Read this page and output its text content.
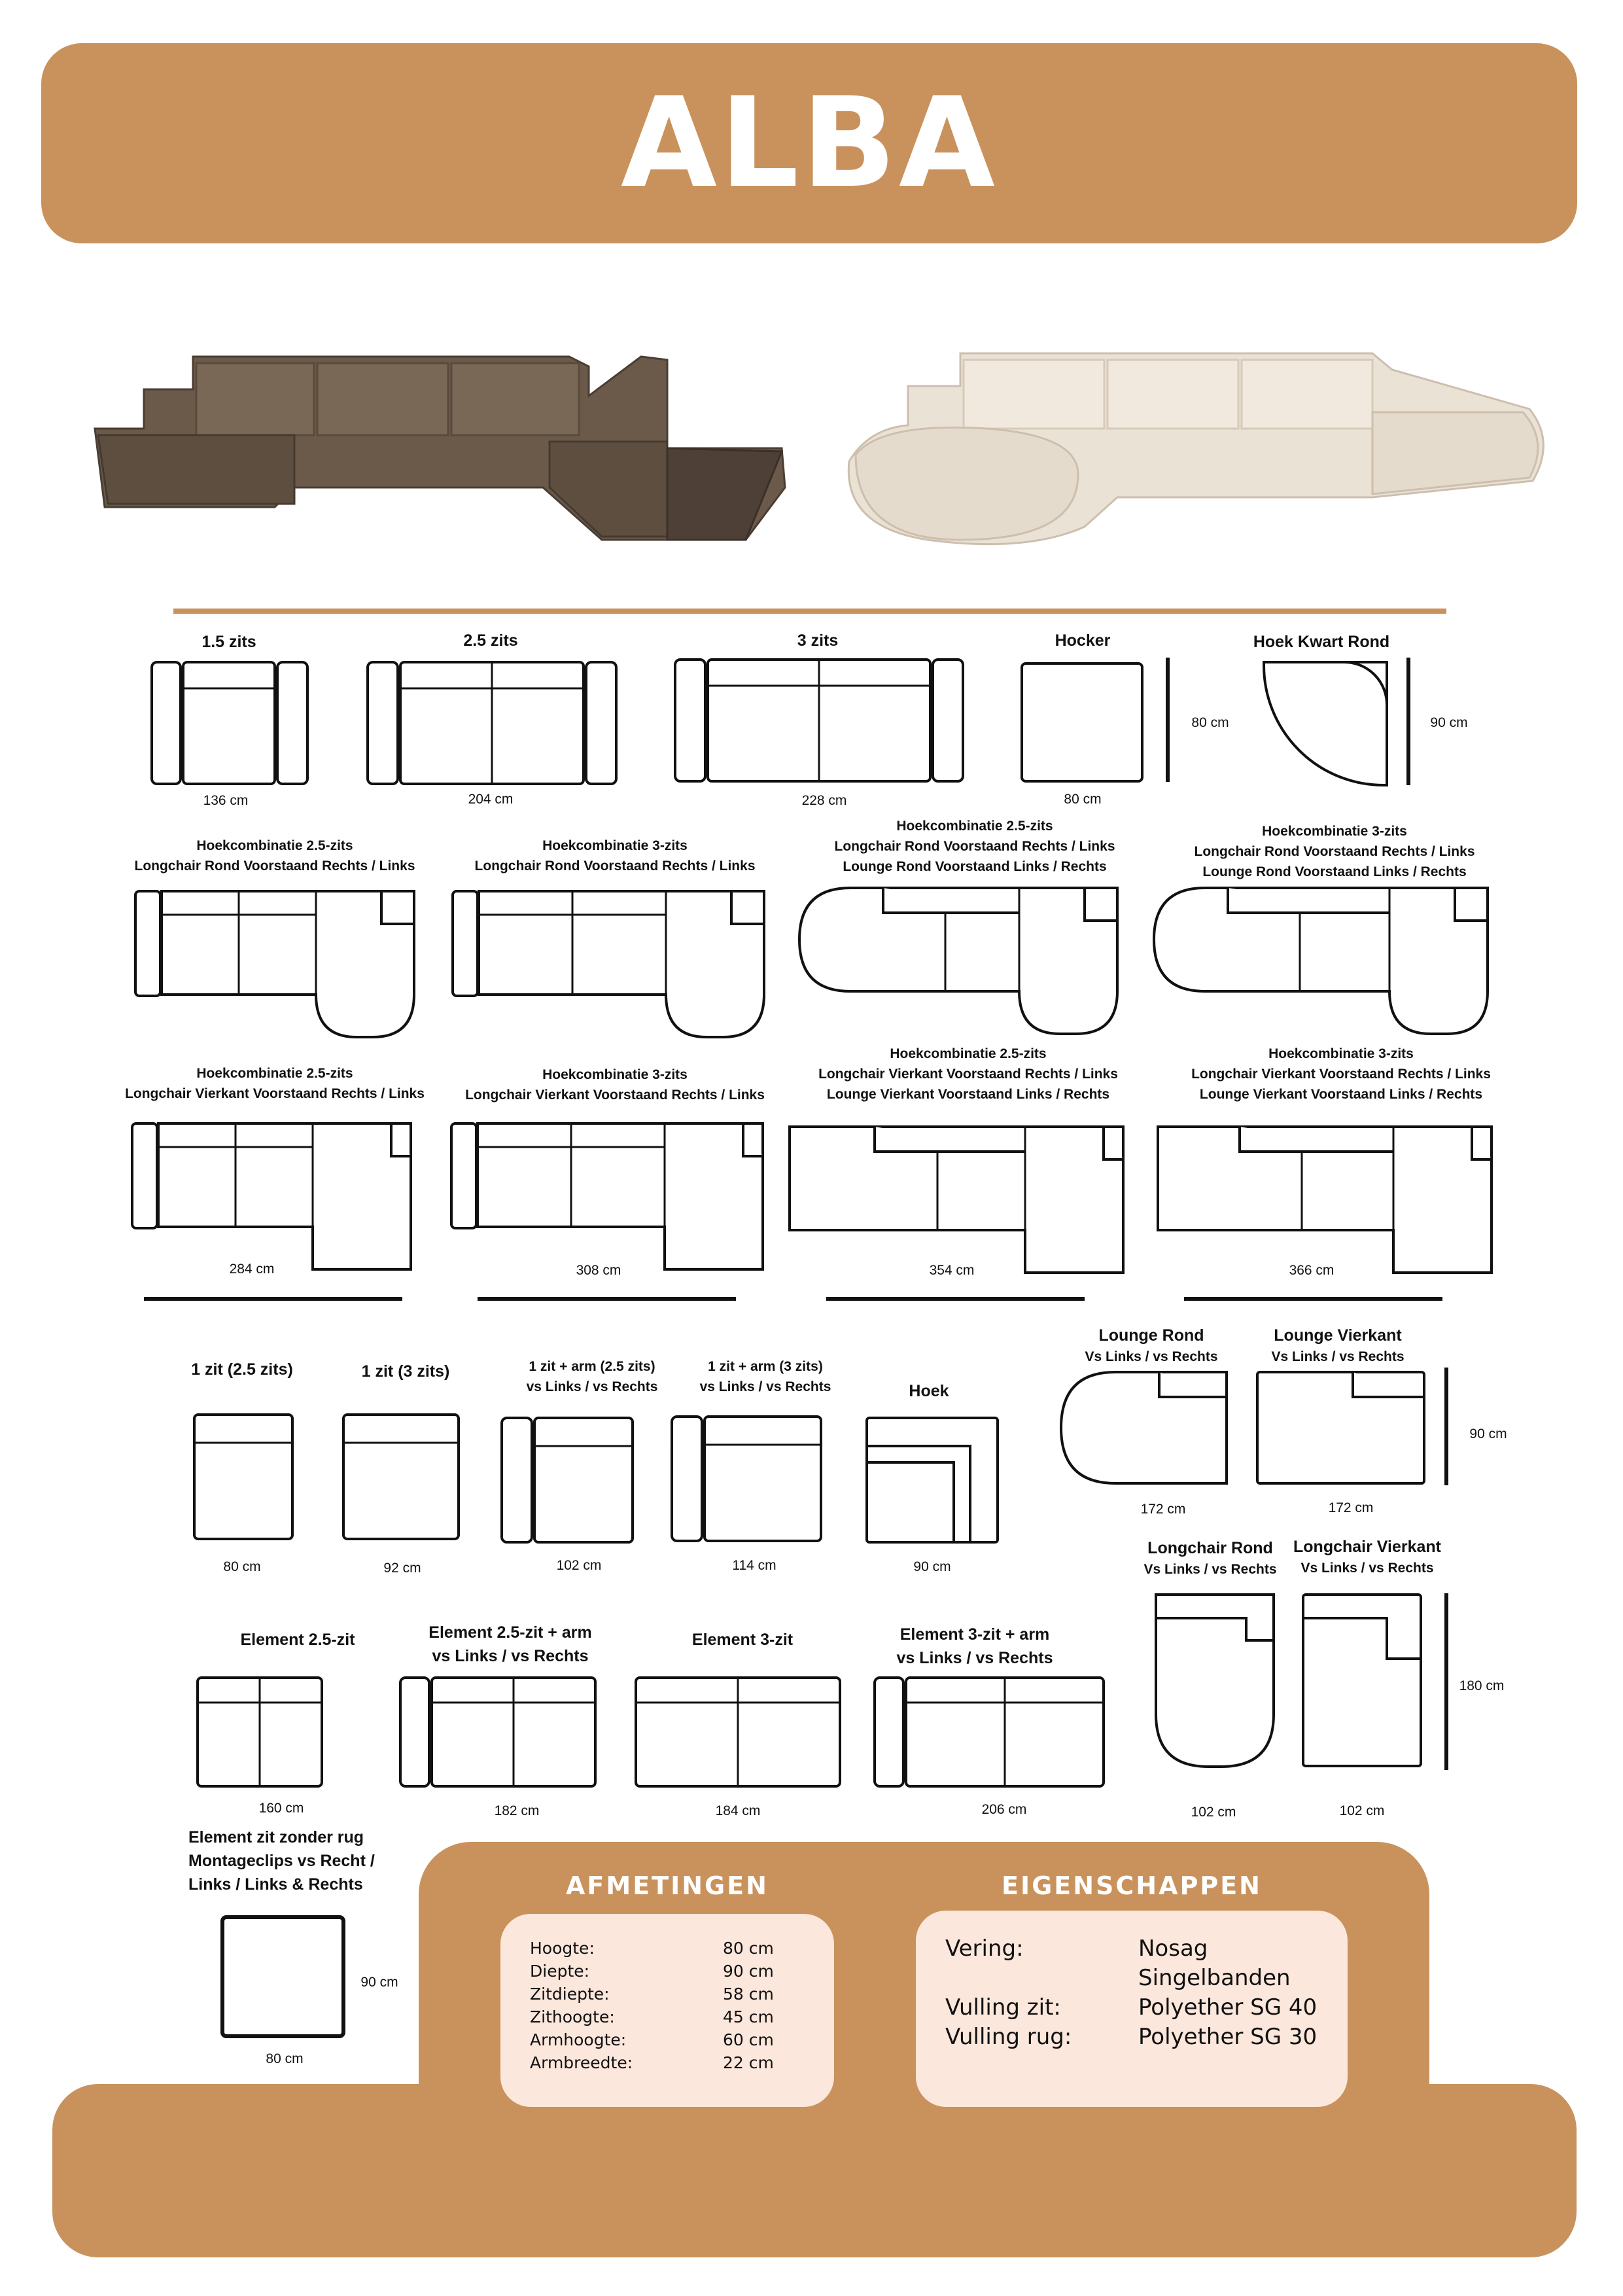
ALBA
1.5 zits	2.5 zits	3 zits	Hocker	Hoek Kwart Rond
136 cm	204 cm	228 cm	80 cm
80 cm	90 cm
Hoekcombinatie 2.5-zits
Longchair Rond Voorstaand Rechts / Links
Hoekcombinatie 3-zits
Longchair Rond Voorstaand Rechts / Links
Hoekcombinatie 2.5-zits
Longchair Rond Voorstaand Rechts / Links
Lounge Rond Voorstaand Links / Rechts
Hoekcombinatie 3-zits
Longchair Rond Voorstaand Rechts / Links
Lounge Rond Voorstaand Links / Rechts
Hoekcombinatie 2.5-zits
Longchair Vierkant Voorstaand Rechts / Links
Hoekcombinatie 3-zits
Longchair Vierkant Voorstaand Rechts / Links
Hoekcombinatie 2.5-zits
Longchair Vierkant Voorstaand Rechts / Links
Lounge Vierkant Voorstaand Links / Rechts
Hoekcombinatie 3-zits
Longchair Vierkant Voorstaand Rechts / Links
Lounge Vierkant Voorstaand Links / Rechts
284 cm	308 cm	354 cm	366 cm
1 zit (2.5 zits)	1 zit (3 zits)	1 zit + arm (2.5 zits)
vs Links / vs Rechts
1 zit + arm (3 zits)
vs Links / vs Rechts	Hoek
80 cm	92 cm	102 cm	114 cm	90 cm
Lounge Rond
Vs Links / vs Rechts
Lounge Vierkant
Vs Links / vs Rechts
172 cm	172 cm
90 cm
Longchair Rond
Vs Links / vs Rechts
Longchair Vierkant
Vs Links / vs Rechts
102 cm	102 cm
180 cm
Element 2.5-zit	Element 2.5-zit + arm
vs Links / vs Rechts
Element 3-zit	Element 3-zit + arm
vs Links / vs Rechts
160 cm	182 cm	184 cm	206 cm
Element zit zonder rug
Montageclips vs Recht /
Links / Links & Rechts
90 cm
80 cm
AFMETINGEN	EIGENSCHAPPEN
Hoogte:	80 cm
Diepte:	90 cm
Zitdiepte:	58 cm
Zithoogte:	45 cm
Armhoogte:	60 cm
Armbreedte:	22 cm
Vering:	Nosag
Singelbanden
Vulling zit:	Polyether SG 40
Vulling rug:	Polyether SG 30
